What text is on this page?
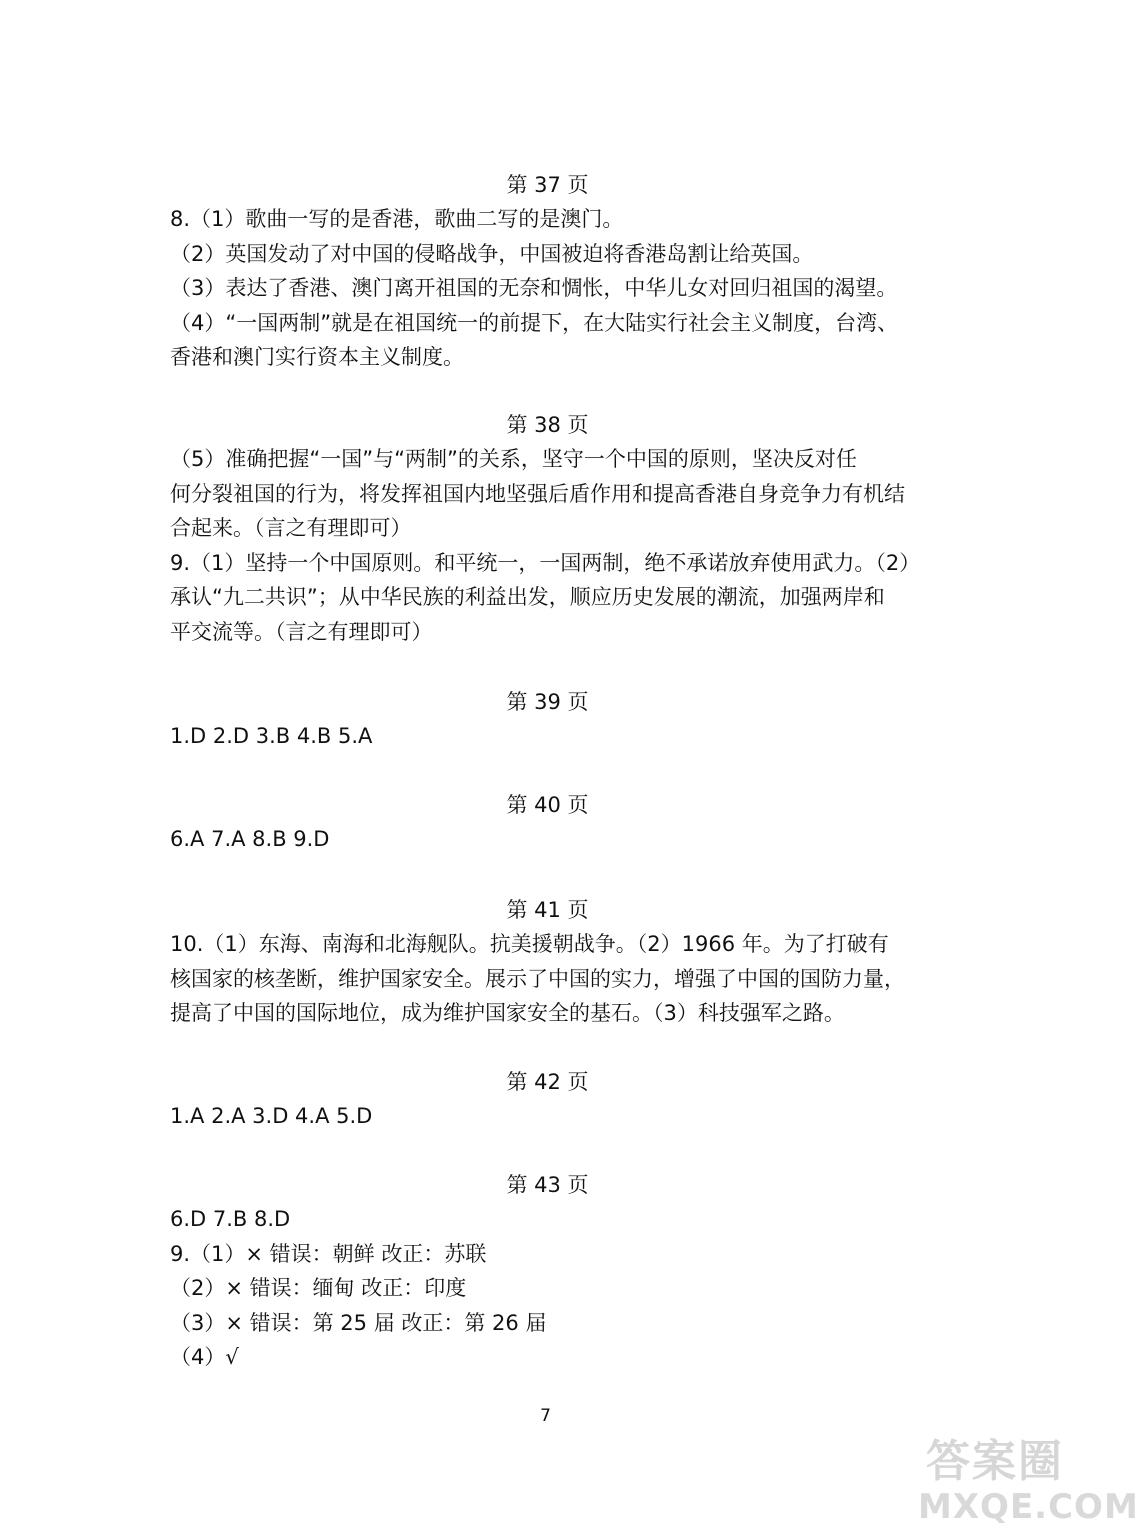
第 37 页

8.（1）歌曲一写的是香港，歌曲二写的是澳门。

（2）英国发动了对中国的侵略战争，中国被迫将香港岛割让给英国。

（3）表达了香港、澳门离开祖国的无奈和惆怅，中华儿女对回归祖国的渴望。

（4）“一国两制”就是在祖国统一的前提下，在大陆实行社会主义制度，台湾、

香港和澳门实行资本主义制度。

第 38 页

（5）准确把握“一国”与“两制”的关系，坚守一个中国的原则，坚决反对任

何分裂祖国的行为，将发挥祖国内地坚强后盾作用和提高香港自身竞争力有机结

合起来。（言之有理即可）

9.（1）坚持一个中国原则。和平统一，一国两制，绝不承诺放弃使用武力。（2）

承认“九二共识”；从中华民族的利益出发，顺应历史发展的潮流，加强两岸和

平交流等。（言之有理即可）

第 39 页

1.D 2.D 3.B 4.B 5.A

第 40 页

6.A 7.A 8.B 9.D

第 41 页

10.（1）东海、南海和北海舰队。抗美援朝战争。（2）1966 年。为了打破有

核国家的核垄断，维护国家安全。展示了中国的实力，增强了中国的国防力量，

提高了中国的国际地位，成为维护国家安全的基石。（3）科技强军之路。

第 42 页

1.A 2.A 3.D 4.A 5.D

第 43 页

6.D 7.B 8.D

9.（1）× 错误：朝鲜 改正：苏联

（2）× 错误：缅甸 改正：印度

（3）× 错误：第 25 届 改正：第 26 届

（4）√

7
答案圈
MXQE.COM
